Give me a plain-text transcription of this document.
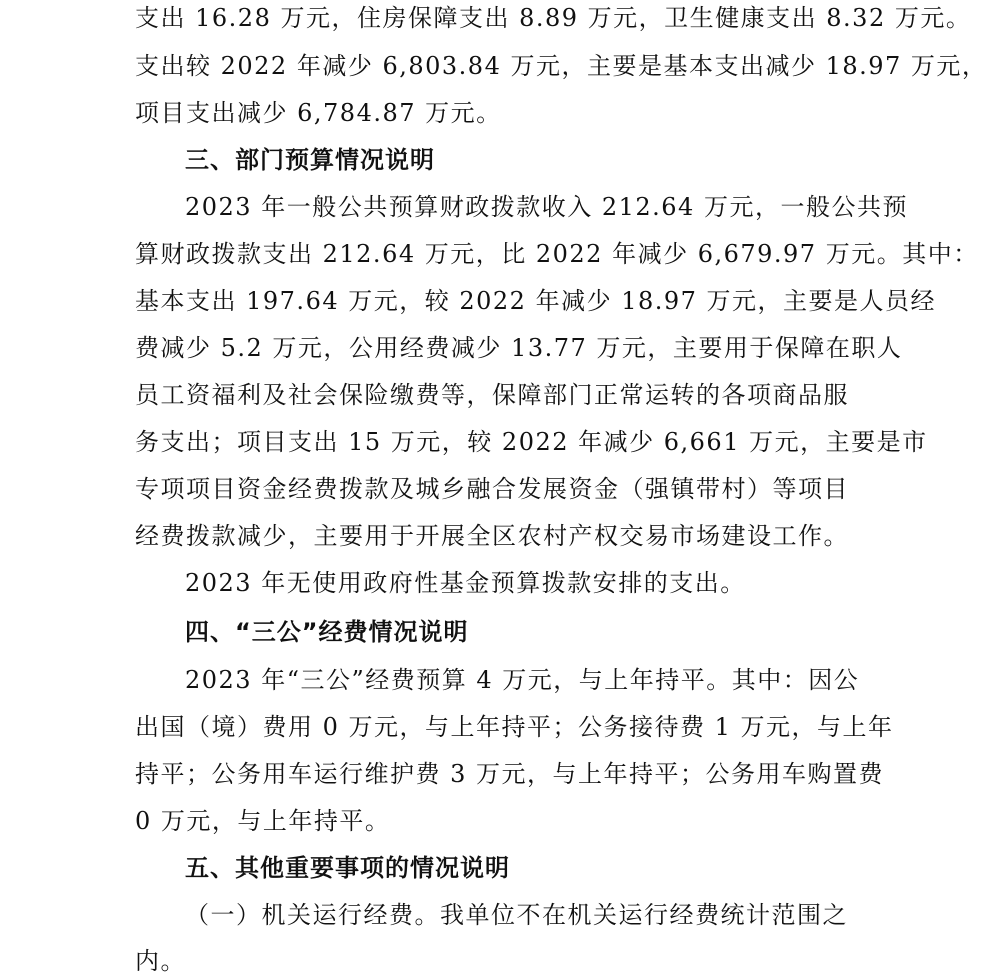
支出 16.28 万元，住房保障支出 8.89 万元，卫生健康支出 8.32 万元。
支出较 2022 年减少 6,803.84 万元，主要是基本支出减少 18.97 万元，
项目支出减少 6,784.87 万元。
三、部门预算情况说明
2023 年一般公共预算财政拨款收入 212.64 万元，一般公共预
算财政拨款支出 212.64 万元，比 2022 年减少 6,679.97 万元。其中：
基本支出 197.64 万元，较 2022 年减少 18.97 万元，主要是人员经
费减少 5.2 万元，公用经费减少 13.77 万元，主要用于保障在职人
员工资福利及社会保险缴费等，保障部门正常运转的各项商品服
务支出；项目支出 15 万元，较 2022 年减少 6,661 万元，主要是市
专项项目资金经费拨款及城乡融合发展资金（强镇带村）等项目
经费拨款减少，主要用于开展全区农村产权交易市场建设工作。
2023 年无使用政府性基金预算拨款安排的支出。
四、“三公”经费情况说明
2023 年“三公”经费预算 4 万元，与上年持平。其中：因公
出国（境）费用 0 万元，与上年持平；公务接待费 1 万元，与上年
持平；公务用车运行维护费 3 万元，与上年持平；公务用车购置费
0 万元，与上年持平。
五、其他重要事项的情况说明
（一）机关运行经费。我单位不在机关运行经费统计范围之
内。
